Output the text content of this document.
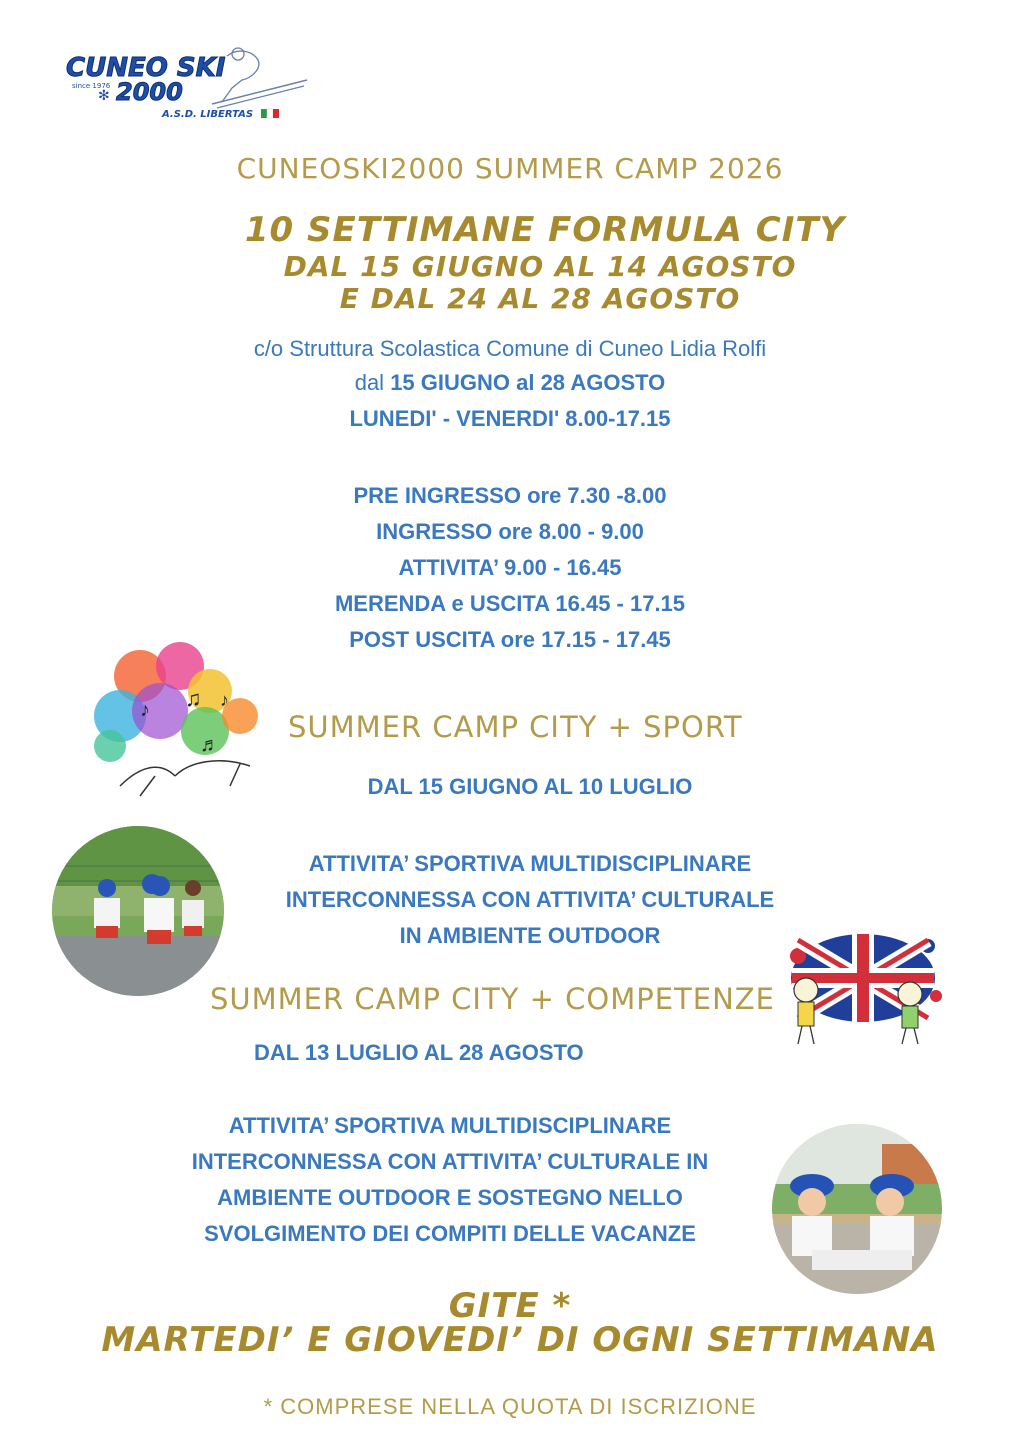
CUNEO SKI
2000
since 1976
✻
A.S.D. LIBERTAS
CUNEOSKI2000 SUMMER CAMP 2026
10 SETTIMANE FORMULA CITY
DAL 15 GIUGNO AL 14 AGOSTO
E DAL 24 AL 28 AGOSTO
c/o Struttura Scolastica Comune di Cuneo Lidia Rolfi
dal 15 GIUGNO al 28 AGOSTO
LUNEDI' - VENERDI' 8.00-17.15
PRE INGRESSO ore 7.30 -8.00
INGRESSO ore 8.00 - 9.00
ATTIVITA’ 9.00 - 16.45
MERENDA e USCITA 16.45 - 17.15
POST USCITA ore 17.15 - 17.45
♪ ♫ ♪
♬
SUMMER CAMP CITY + SPORT
DAL 15 GIUGNO AL 10 LUGLIO
ATTIVITA’ SPORTIVA MULTIDISCIPLINARE
INTERCONNESSA CON ATTIVITA’ CULTURALE
IN AMBIENTE OUTDOOR
SUMMER CAMP CITY + COMPETENZE
DAL 13 LUGLIO AL 28 AGOSTO
ATTIVITA’ SPORTIVA MULTIDISCIPLINARE
INTERCONNESSA CON ATTIVITA’ CULTURALE IN
AMBIENTE OUTDOOR E SOSTEGNO NELLO
SVOLGIMENTO DEI COMPITI DELLE VACANZE
GITE *
MARTEDI’ E GIOVEDI’ DI OGNI SETTIMANA
* COMPRESE NELLA QUOTA DI ISCRIZIONE
